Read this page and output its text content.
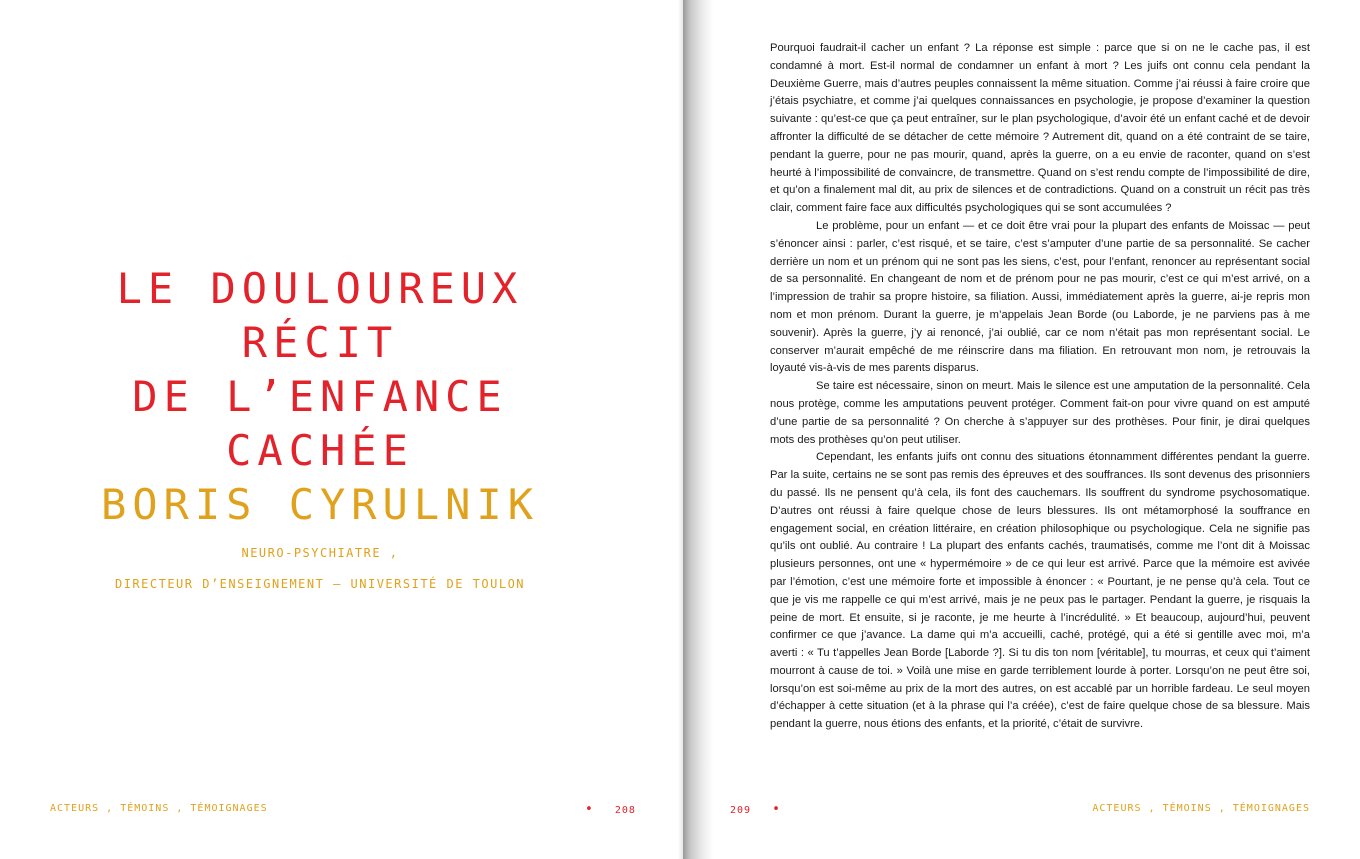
LE DOULOUREUX RÉCIT
DE L’ENFANCE
CACHÉE
BORIS CYRULNIK
NEURO-PSYCHIATRE ,
DIRECTEUR D’ENSEIGNEMENT – UNIVERSITÉ DE TOULON
ACTEURS , TÉMOINS , TÉMOIGNAGES	• 208

Pourquoi faudrait-il cacher un enfant ? La réponse est simple : parce que si on ne le cache pas, il est condamné à mort. Est-il normal de condamner un enfant à mort ? Les juifs ont connu cela pendant la Deuxième Guerre, mais d’autres peuples connaissent la même situation. Comme j’ai réussi à faire croire que j’étais psychiatre, et comme j’ai quelques connaissances en psychologie, je propose d’examiner la question suivante : qu’est-ce que ça peut entraîner, sur le plan psychologique, d’avoir été un enfant caché et de devoir affronter la difficulté de se détacher de cette mémoire ? Autrement dit, quand on a été contraint de se taire, pendant la guerre, pour ne pas mourir, quand, après la guerre, on a eu envie de raconter, quand on s’est heurté à l’impossibilité de convaincre, de transmettre. Quand on s’est rendu compte de l’impossibilité de dire, et qu’on a finalement mal dit, au prix de silences et de contradictions. Quand on a construit un récit pas très clair, comment faire face aux difficultés psychologiques qui se sont accumulées ?

Le problème, pour un enfant — et ce doit être vrai pour la plupart des enfants de Moissac — peut s’énoncer ainsi : parler, c’est risqué, et se taire, c’est s’amputer d’une partie de sa personnalité. Se cacher derrière un nom et un prénom qui ne sont pas les siens, c’est, pour l’enfant, renoncer au représentant social de sa personnalité. En changeant de nom et de prénom pour ne pas mourir, c’est ce qui m’est arrivé, on a l’impression de trahir sa propre histoire, sa filiation. Aussi, immédiatement après la guerre, ai-je repris mon nom et mon prénom. Durant la guerre, je m’appelais Jean Borde (ou Laborde, je ne parviens pas à me souvenir). Après la guerre, j’y ai renoncé, j’ai oublié, car ce nom n’était pas mon représentant social. Le conserver m’aurait empêché de me réinscrire dans ma filiation. En retrouvant mon nom, je retrouvais la loyauté vis-à-vis de mes parents disparus.

Se taire est nécessaire, sinon on meurt. Mais le silence est une amputation de la personnalité. Cela nous protège, comme les amputations peuvent protéger. Comment fait-on pour vivre quand on est amputé d’une partie de sa personnalité ? On cherche à s’appuyer sur des prothèses. Pour finir, je dirai quelques mots des prothèses qu’on peut utiliser.

Cependant, les enfants juifs ont connu des situations étonnamment différentes pendant la guerre. Par la suite, certains ne se sont pas remis des épreuves et des souffrances. Ils sont devenus des prisonniers du passé. Ils ne pensent qu’à cela, ils font des cauchemars. Ils souffrent du syndrome psychosomatique. D’autres ont réussi à faire quelque chose de leurs blessures. Ils ont métamorphosé la souffrance en engagement social, en création littéraire, en création philosophique ou psychologique. Cela ne signifie pas qu’ils ont oublié. Au contraire ! La plupart des enfants cachés, traumatisés, comme me l’ont dit à Moissac plusieurs personnes, ont une « hypermémoire » de ce qui leur est arrivé. Parce que la mémoire est avivée par l’émotion, c’est une mémoire forte et impossible à énoncer : « Pourtant, je ne pense qu’à cela. Tout ce que je vis me rappelle ce qui m’est arrivé, mais je ne peux pas le partager. Pendant la guerre, je risquais la peine de mort. Et ensuite, si je raconte, je me heurte à l’incrédulité. » Et beaucoup, aujourd’hui, peuvent confirmer ce que j’avance. La dame qui m’a accueilli, caché, protégé, qui a été si gentille avec moi, m’a averti : « Tu t’appelles Jean Borde [Laborde ?]. Si tu dis ton nom [véritable], tu mourras, et ceux qui t’aiment mourront à cause de toi. » Voilà une mise en garde terriblement lourde à porter. Lorsqu’on ne peut être soi, lorsqu’on est soi-même au prix de la mort des autres, on est accablé par un horrible fardeau. Le seul moyen d’échapper à cette situation (et à la phrase qui l’a créée), c’est de faire quelque chose de sa blessure. Mais pendant la guerre, nous étions des enfants, et la priorité, c’était de survivre.

209 •	ACTEURS , TÉMOINS , TÉMOIGNAGES
